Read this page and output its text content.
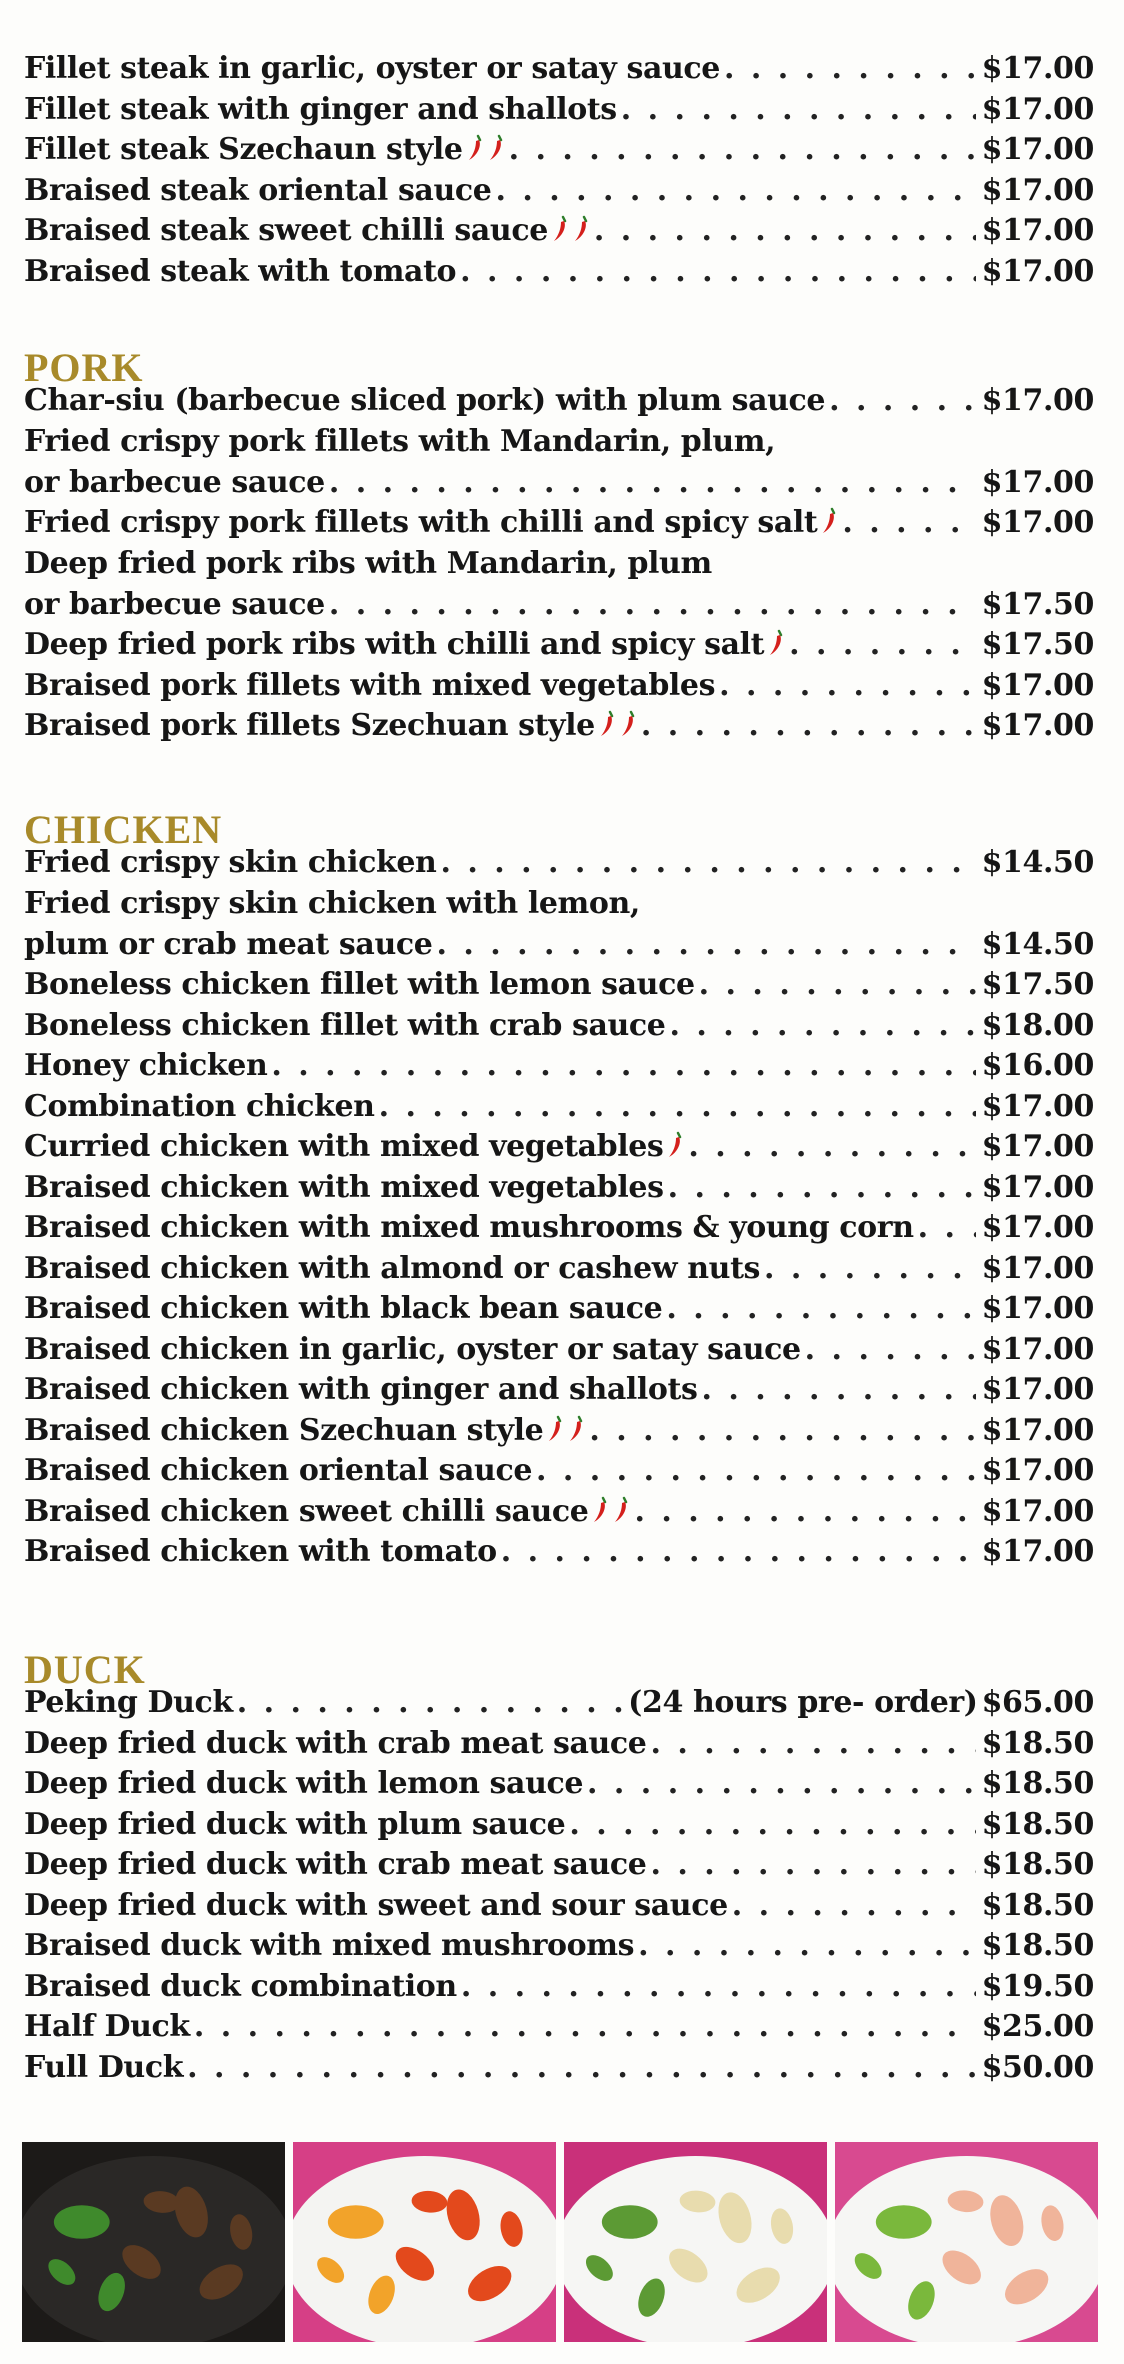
Fillet steak in garlic, oyster or satay sauce . . .	$17.00
Fillet steak with ginger and shallots . . .	$17.00
Fillet steak Szechaun style . . .	$17.00
Braised steak oriental sauce . . .	$17.00
Braised steak sweet chilli sauce . . .	$17.00
Braised steak with tomato . . .	$17.00
PORK
Char-siu (barbecue sliced pork) with plum sauce . . .	$17.00
Fried crispy pork fillets with Mandarin, plum,
or barbecue sauce . . .	$17.00
Fried crispy pork fillets with chilli and spicy salt . . .	$17.00
Deep fried pork ribs with Mandarin, plum
or barbecue sauce . . .	$17.50
Deep fried pork ribs with chilli and spicy salt . . .	$17.50
Braised pork fillets with mixed vegetables . . .	$17.00
Braised pork fillets Szechuan style . . .	$17.00
CHICKEN
Fried crispy skin chicken . . .	$14.50
Fried crispy skin chicken with lemon,
plum or crab meat sauce . . .	$14.50
Boneless chicken fillet with lemon sauce . . .	$17.50
Boneless chicken fillet with crab sauce . . .	$18.00
Honey chicken . . .	$16.00
Combination chicken . . .	$17.00
Curried chicken with mixed vegetables . . .	$17.00
Braised chicken with mixed vegetables . . .	$17.00
Braised chicken with mixed mushrooms & young corn . . . $17.00
Braised chicken with almond or cashew nuts . . .	$17.00
Braised chicken with black bean sauce . . .	$17.00
Braised chicken in garlic, oyster or satay sauce . . .	$17.00
Braised chicken with ginger and shallots . . .	$17.00
Braised chicken Szechuan style . . .	$17.00
Braised chicken oriental sauce . . .	$17.00
Braised chicken sweet chilli sauce . . .	$17.00
Braised chicken with tomato . . .	$17.00
DUCK
Peking Duck . . .	(24 hours pre- order) $65.00
Deep fried duck with crab meat sauce . . .	$18.50
Deep fried duck with lemon sauce . . .	$18.50
Deep fried duck with plum sauce . . .	$18.50
Deep fried duck with crab meat sauce . . .	$18.50
Deep fried duck with sweet and sour sauce . . .	$18.50
Braised duck with mixed mushrooms . . .	$18.50
Braised duck combination . . .	$19.50
Half Duck . . .	$25.00
Full Duck . . .	$50.00
